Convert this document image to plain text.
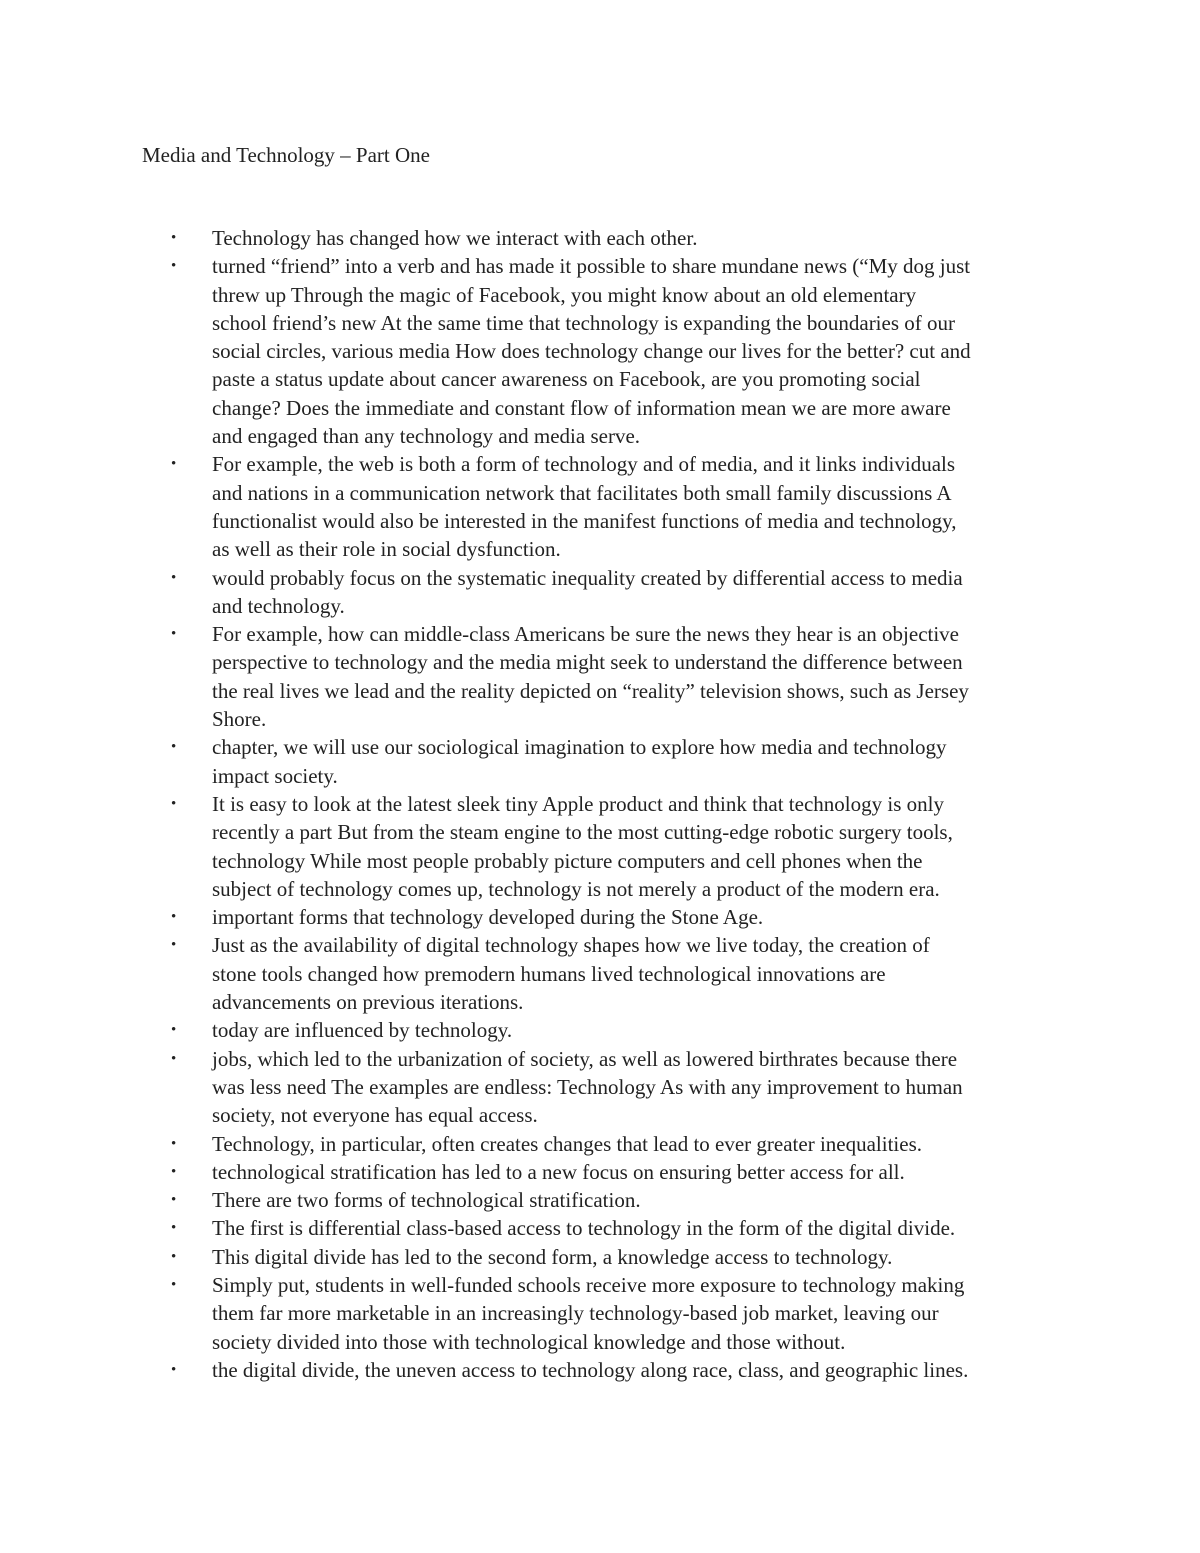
Media and Technology – Part One
• Technology has changed how we interact with each other.
• turned “friend” into a verb and has made it possible to share mundane news (“My dog just
threw up Through the magic of Facebook, you might know about an old elementary
school friend’s new At the same time that technology is expanding the boundaries of our
social circles, various media How does technology change our lives for the better? cut and
paste a status update about cancer awareness on Facebook, are you promoting social
change? Does the immediate and constant flow of information mean we are more aware
and engaged than any technology and media serve.
• For example, the web is both a form of technology and of media, and it links individuals
and nations in a communication network that facilitates both small family discussions A
functionalist would also be interested in the manifest functions of media and technology,
as well as their role in social dysfunction.
• would probably focus on the systematic inequality created by differential access to media
and technology.
• For example, how can middle-class Americans be sure the news they hear is an objective
perspective to technology and the media might seek to understand the difference between
the real lives we lead and the reality depicted on “reality” television shows, such as Jersey
Shore.
• chapter, we will use our sociological imagination to explore how media and technology
impact society.
• It is easy to look at the latest sleek tiny Apple product and think that technology is only
recently a part But from the steam engine to the most cutting-edge robotic surgery tools,
technology While most people probably picture computers and cell phones when the
subject of technology comes up, technology is not merely a product of the modern era.
• important forms that technology developed during the Stone Age.
• Just as the availability of digital technology shapes how we live today, the creation of
stone tools changed how premodern humans lived technological innovations are
advancements on previous iterations.
• today are influenced by technology.
• jobs, which led to the urbanization of society, as well as lowered birthrates because there
was less need The examples are endless: Technology As with any improvement to human
society, not everyone has equal access.
• Technology, in particular, often creates changes that lead to ever greater inequalities.
• technological stratification has led to a new focus on ensuring better access for all.
• There are two forms of technological stratification.
• The first is differential class-based access to technology in the form of the digital divide.
• This digital divide has led to the second form, a knowledge access to technology.
• Simply put, students in well-funded schools receive more exposure to technology making
them far more marketable in an increasingly technology-based job market, leaving our
society divided into those with technological knowledge and those without.
• the digital divide, the uneven access to technology along race, class, and geographic lines.
